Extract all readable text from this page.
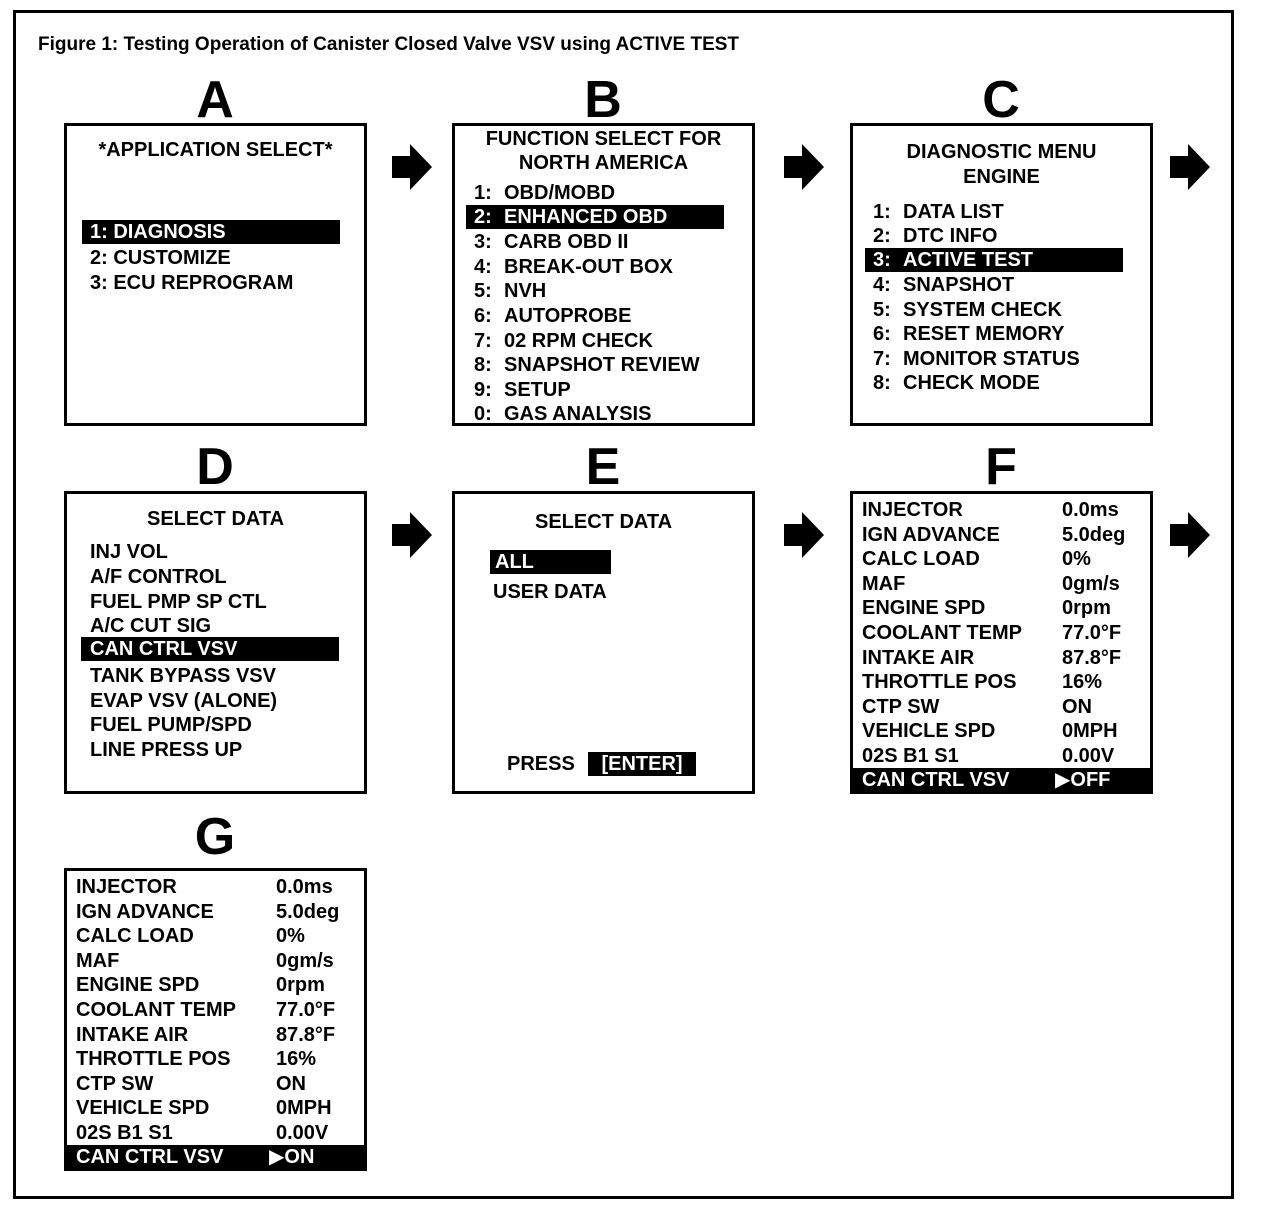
Figure 1: Testing Operation of Canister Closed Valve VSV using ACTIVE TEST
A	B	C
D	E	F
G
*APPLICATION SELECT*
1: DIAGNOSIS
2: CUSTOMIZE
3: ECU REPROGRAM
FUNCTION SELECT FOR
NORTH AMERICA
1: OBD/MOBD
2: ENHANCED OBD
3: CARB OBD II
4: BREAK-OUT BOX
5: NVH
6: AUTOPROBE
7: 02 RPM CHECK
8: SNAPSHOT REVIEW
9: SETUP
0: GAS ANALYSIS
DIAGNOSTIC MENU
ENGINE
1: DATA LIST
2: DTC INFO
3: ACTIVE TEST
4: SNAPSHOT
5: SYSTEM CHECK
6: RESET MEMORY
7: MONITOR STATUS
8: CHECK MODE
SELECT DATA
INJ VOL
A/F CONTROL
FUEL PMP SP CTL
A/C CUT SIG
CAN CTRL VSV
TANK BYPASS VSV
EVAP VSV (ALONE)
FUEL PUMP/SPD
LINE PRESS UP
SELECT DATA
ALL
USER DATA
PRESS	[ENTER]
INJECTOR	0.0ms
IGN ADVANCE	5.0deg
CALC LOAD	0%
MAF	0gm/s
ENGINE SPD	0rpm
COOLANT TEMP 77.0°F
INTAKE AIR	87.8°F
THROTTLE POS 16%
CTP SW	ON
VEHICLE SPD	0MPH
02S B1 S1	0.00V
CAN CTRL VSV ▶OFF
INJECTOR	0.0ms
IGN ADVANCE	5.0deg
CALC LOAD	0%
MAF	0gm/s
ENGINE SPD	0rpm
COOLANT TEMP 77.0°F
INTAKE AIR	87.8°F
THROTTLE POS 16%
CTP SW	ON
VEHICLE SPD	0MPH
02S B1 S1	0.00V
CAN CTRL VSV ▶ON
